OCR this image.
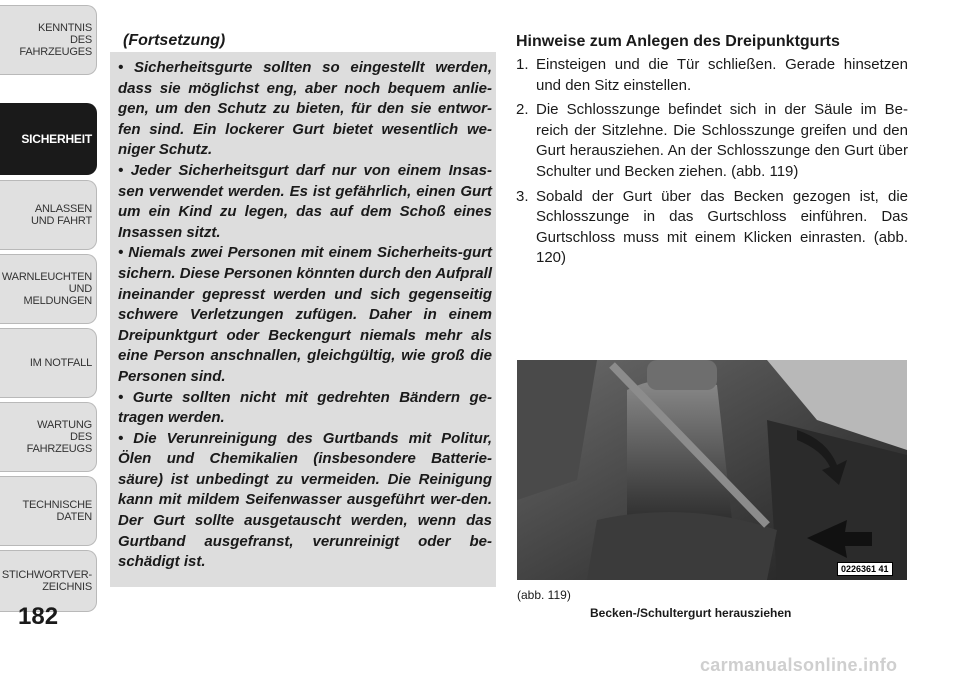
KENNTNIS
DES
FAHRZEUGES
SICHERHEIT
ANLASSEN
UND FAHRT
WARNLEUCHTEN
UND
MELDUNGEN
IM NOTFALL
WARTUNG
DES
FAHRZEUGS
TECHNISCHE
DATEN
STICHWORTVER-
ZEICHNIS
182
(Fortsetzung)

• Sicherheitsgurte sollten so eingestellt werden, dass sie möglichst eng, aber noch bequem anlie-gen, um den Schutz zu bieten, für den sie entwor-fen sind. Ein lockerer Gurt bietet wesentlich we-niger Schutz.

• Jeder Sicherheitsgurt darf nur von einem Insas-sen verwendet werden. Es ist gefährlich, einen Gurt um ein Kind zu legen, das auf dem Schoß eines Insassen sitzt.

• Niemals zwei Personen mit einem Sicherheits-gurt sichern. Diese Personen könnten durch den Aufprall ineinander gepresst werden und sich gegenseitig schwere Verletzungen zufügen. Daher in einem Dreipunktgurt oder Beckengurt niemals mehr als eine Person anschnallen, gleichgültig, wie groß die Personen sind.

• Gurte sollten nicht mit gedrehten Bändern ge-tragen werden.

• Die Verunreinigung des Gurtbands mit Politur, Ölen und Chemikalien (insbesondere Batterie-säure) ist unbedingt zu vermeiden. Die Reinigung kann mit mildem Seifenwasser ausgeführt wer-den. Der Gurt sollte ausgetauscht werden, wenn das Gurtband ausgefranst, verunreinigt oder be-schädigt ist.

Hinweise zum Anlegen des Dreipunktgurts
1. Einsteigen und die Tür schließen. Gerade hinsetzen und den Sitz einstellen.
2. Die Schlosszunge befindet sich in der Säule im Be-reich der Sitzlehne. Die Schlosszunge greifen und den Gurt herausziehen. An der Schlosszunge den Gurt über Schulter und Becken ziehen. (abb. 119)
3. Sobald der Gurt über das Becken gezogen ist, die Schlosszunge in das Gurtschloss einführen. Das Gurtschloss muss mit einem Klicken einrasten. (abb. 120)
0226361 41
(abb. 119)
Becken-/Schultergurt herausziehen
carmanualsonline.info
